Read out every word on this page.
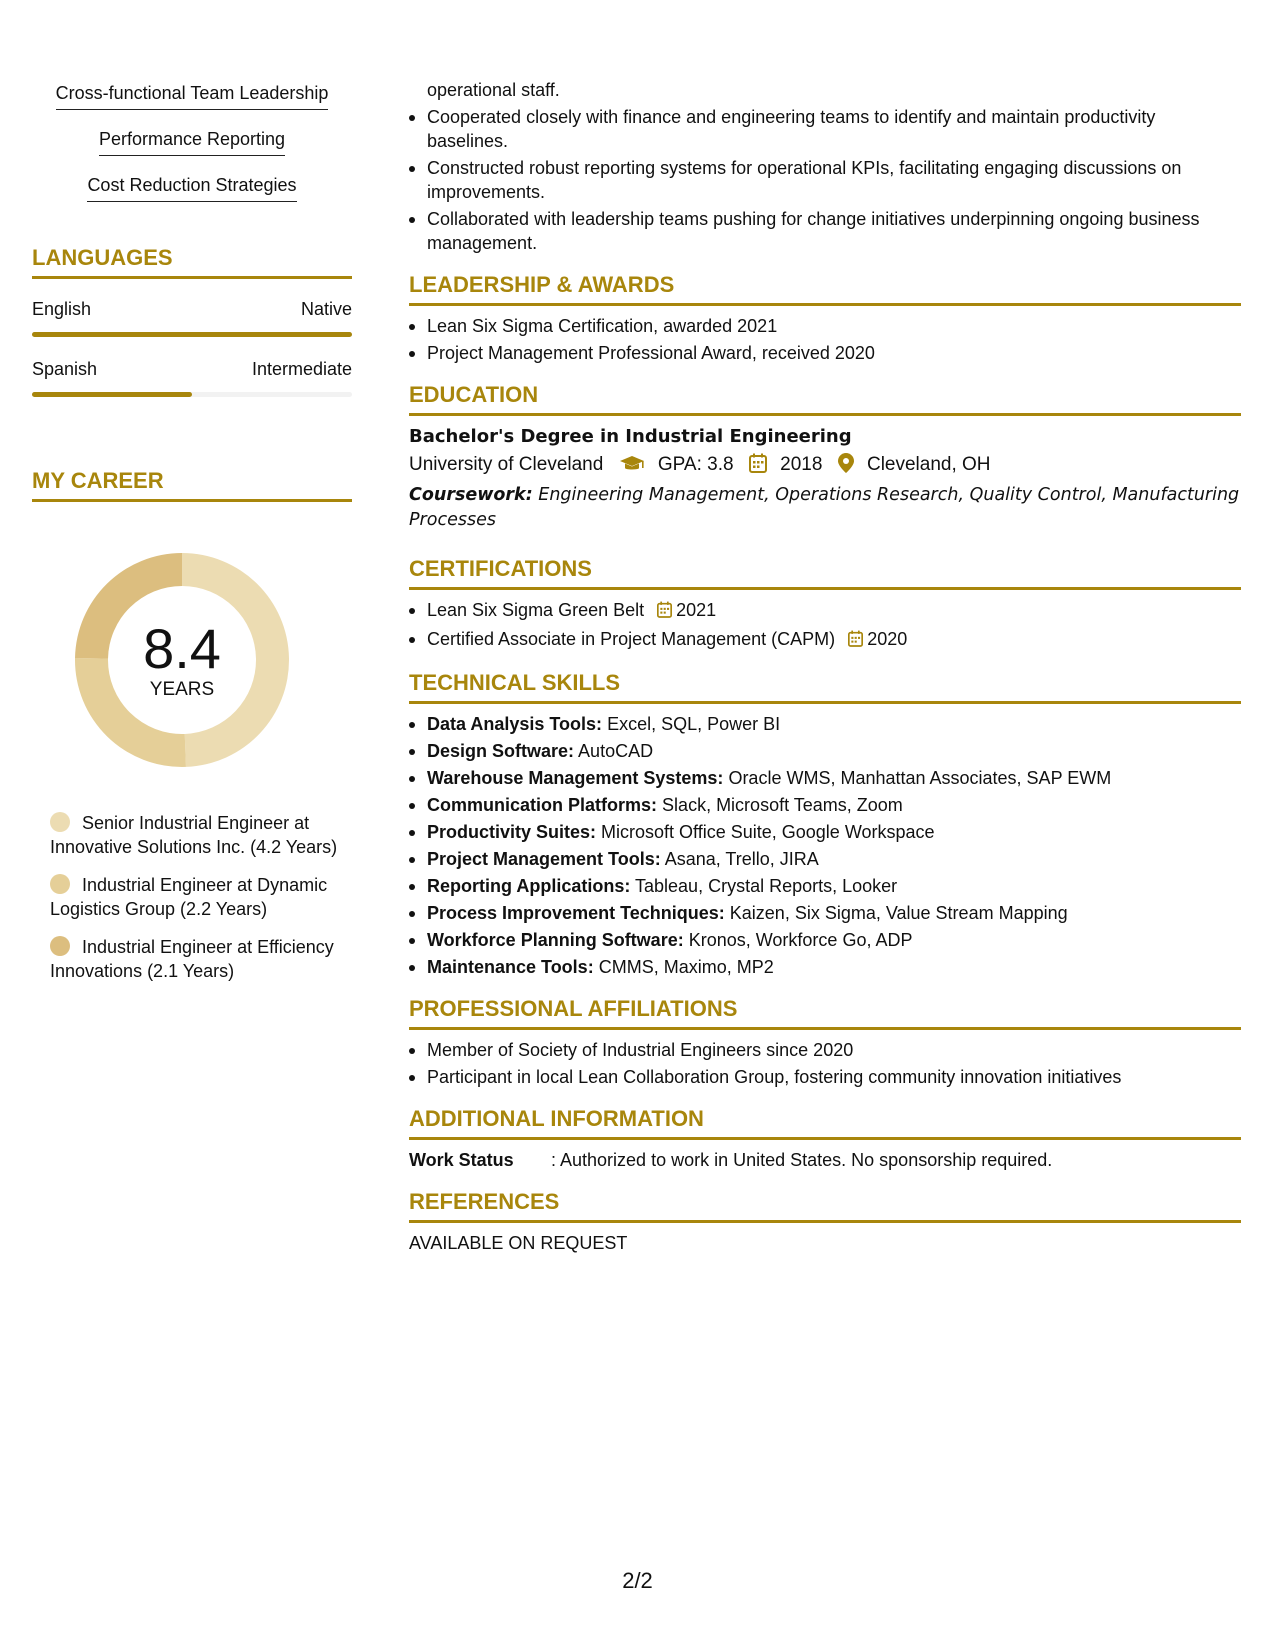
Cross-functional Team Leadership
Performance Reporting
Cost Reduction Strategies
LANGUAGES
English	Native
Spanish	Intermediate
MY CAREER
8.4
YEARS
Senior Industrial Engineer at Innovative Solutions Inc. (4.2 Years)
Industrial Engineer at Dynamic Logistics Group (2.2 Years)
Industrial Engineer at Efficiency Innovations (2.1 Years)
operational staff.
Cooperated closely with finance and engineering teams to identify and maintain productivity baselines.
Constructed robust reporting systems for operational KPIs, facilitating engaging discussions on improvements.
Collaborated with leadership teams pushing for change initiatives underpinning ongoing business management.
LEADERSHIP & AWARDS
Lean Six Sigma Certification, awarded 2021
Project Management Professional Award, received 2020
EDUCATION
Bachelor's Degree in Industrial Engineering
University of Cleveland	GPA: 3.8 2018 Cleveland, OH
Coursework: Engineering Management, Operations Research, Quality Control, Manufacturing Processes
CERTIFICATIONS
Lean Six Sigma Green Belt 2021
Certified Associate in Project Management (CAPM) 2020
TECHNICAL SKILLS
Data Analysis Tools: Excel, SQL, Power BI
Design Software: AutoCAD
Warehouse Management Systems: Oracle WMS, Manhattan Associates, SAP EWM
Communication Platforms: Slack, Microsoft Teams, Zoom
Productivity Suites: Microsoft Office Suite, Google Workspace
Project Management Tools: Asana, Trello, JIRA
Reporting Applications: Tableau, Crystal Reports, Looker
Process Improvement Techniques: Kaizen, Six Sigma, Value Stream Mapping
Workforce Planning Software: Kronos, Workforce Go, ADP
Maintenance Tools: CMMS, Maximo, MP2
PROFESSIONAL AFFILIATIONS
Member of Society of Industrial Engineers since 2020
Participant in local Lean Collaboration Group, fostering community innovation initiatives
ADDITIONAL INFORMATION
Work Status	: Authorized to work in United States. No sponsorship required.
REFERENCES
AVAILABLE ON REQUEST
2/2
